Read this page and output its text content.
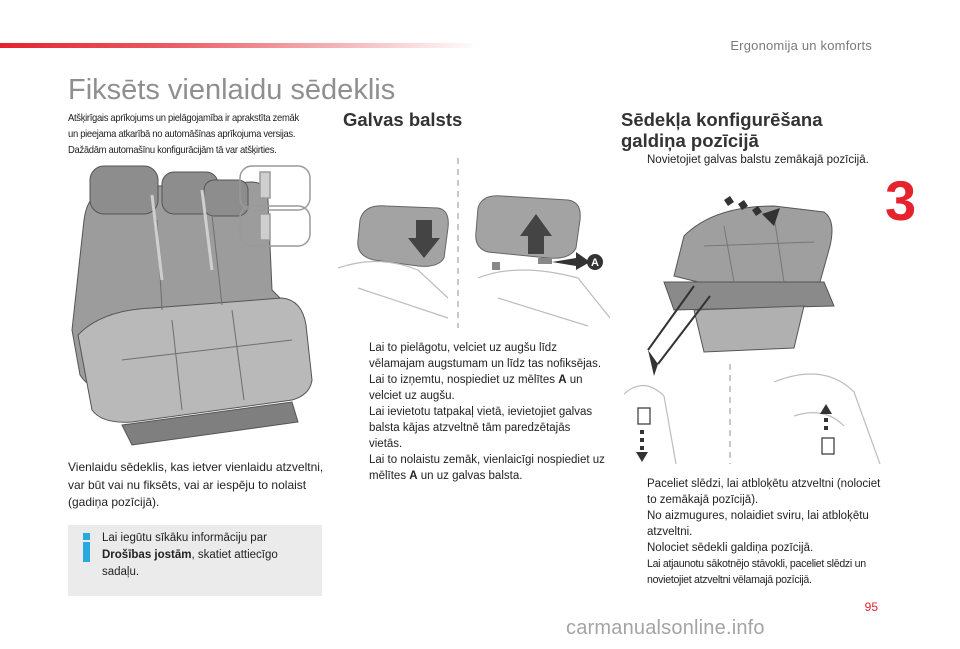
Ergonomija un komforts
3
Fiksēts vienlaidu sēdeklis
Atšķirīgais aprīkojums un pielāgojamība ir aprakstīta zemāk
un pieejama atkarībā no automāšīnas aprīkojuma versijas.
Dažādām automašīnu konfigurācijām tā var atšķirties.
Galvas balsts	Sēdekļa konfigurēšana
galdiņa pozīcijā
Vienlaidu sēdeklis, kas ietver vienlaidu atzveltni, var būt vai nu fiksēts, vai ar iespēju to nolaist (gadiņa pozīcijā).
Lai iegūtu sīkāku informāciju par
Drošības jostām, skatiet attiecīgo sadaļu.
A
Lai to pielāgotu, velciet uz augšu līdz vēlamajam augstumam un līdz tas nofiksējas.
Lai to izņemtu, nospiediet uz mēlītes A un velciet uz augšu.
Lai ievietotu tatpakaļ vietā, ievietojiet galvas balsta kājas atzveltnē tām paredzētajās vietās.
Lai to nolaistu zemāk, vienlaicīgi nospiediet uz mēlītes A un uz galvas balsta.
Novietojiet galvas balstu zemākajā pozīcijā.
Paceliet slēdzi, lai atbloķētu atzveltni (nolociet to zemākajā pozīcijā).
No aizmugures, nolaidiet sviru, lai atbloķētu atzveltni.
Nolociet sēdekli galdiņa pozīcijā.
Lai atjaunotu sākotnējo stāvokli, paceliet slēdzi un novietojiet atzveltni vēlamajā pozīcijā.
95
carmanualsonline.info
